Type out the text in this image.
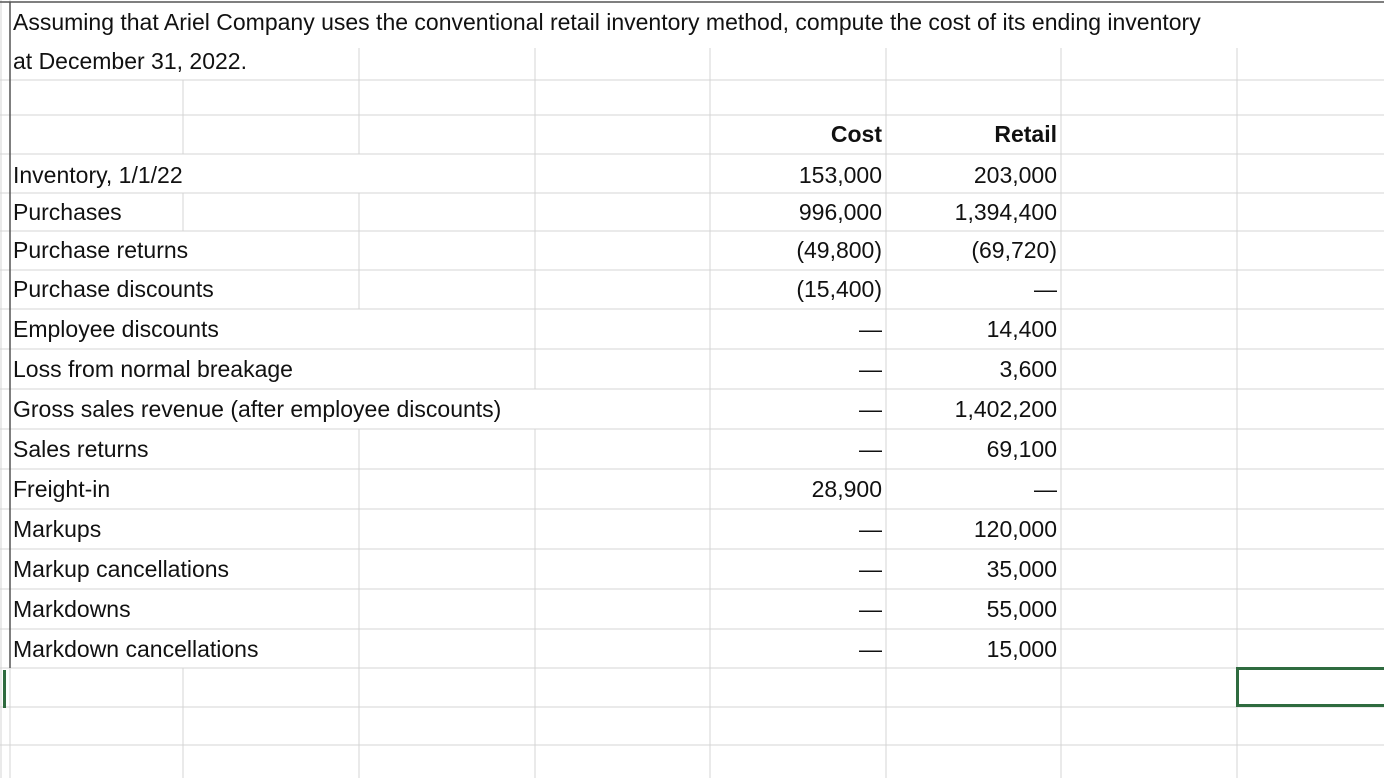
Assuming that Ariel Company uses the conventional retail inventory method, compute the cost of its ending inventory
at December 31, 2022.
Cost	Retail
Inventory, 1/1/22	153,000	203,000
Purchases	996,000	1,394,400
Purchase returns	(49,800)	(69,720)
Purchase discounts	(15,400)	—
Employee discounts	—	14,400
Loss from normal breakage	—	3,600
Gross sales revenue (after employee discounts)	—	1,402,200
Sales returns	—	69,100
Freight-in	28,900	—
Markups	—	120,000
Markup cancellations	—	35,000
Markdowns	—	55,000
Markdown cancellations	—	15,000
